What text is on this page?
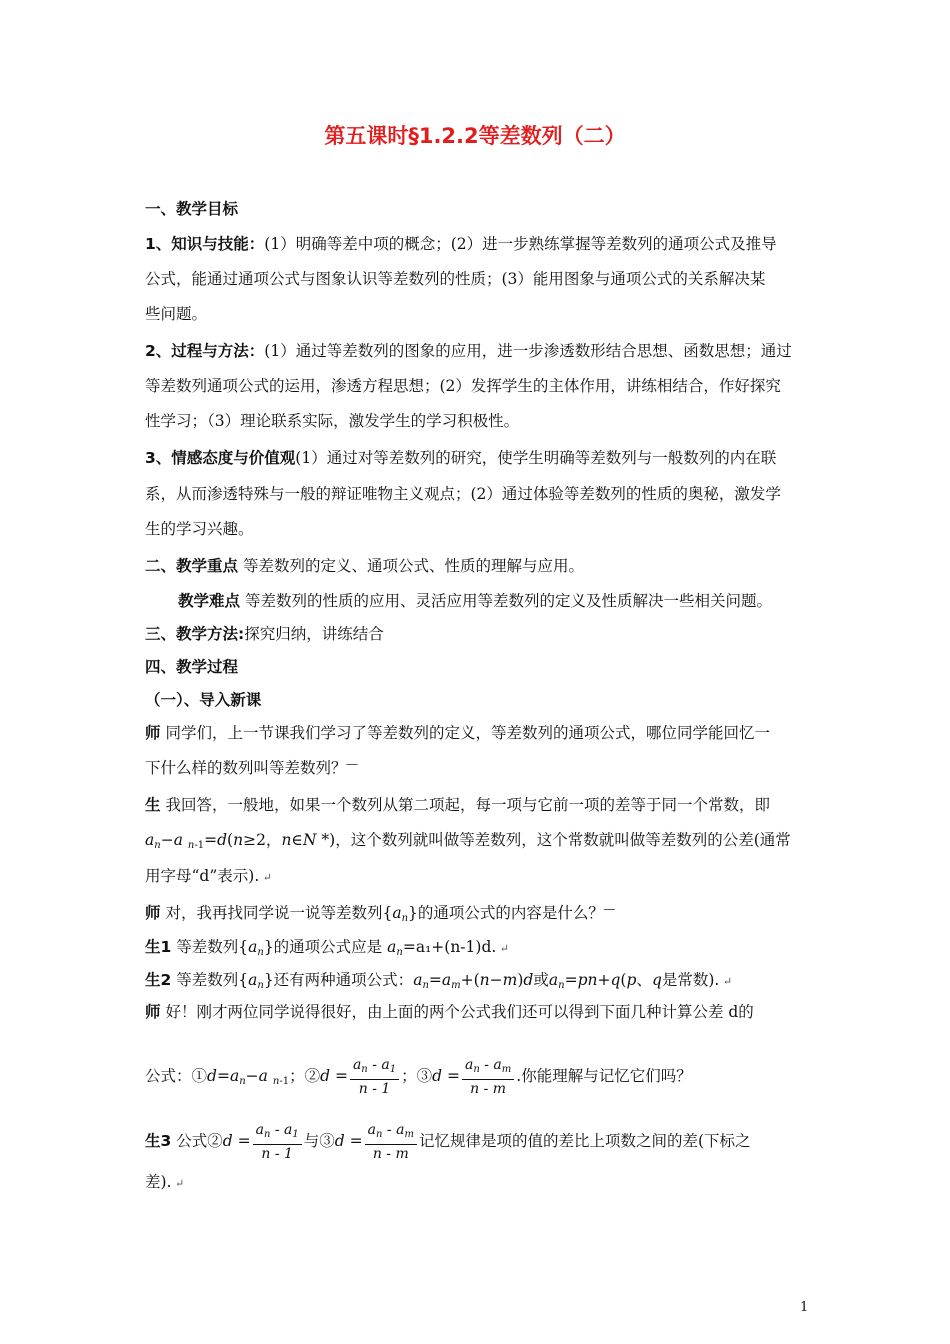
第五课时§1.2.2等差数列（二）
一、教学目标
1、知识与技能：(1）明确等差中项的概念；(2）进一步熟练掌握等差数列的通项公式及推导
公式，能通过通项公式与图象认识等差数列的性质；(3）能用图象与通项公式的关系解决某
些问题。
2、过程与方法：(1）通过等差数列的图象的应用，进一步渗透数形结合思想、函数思想；通过
等差数列通项公式的运用，渗透方程思想；(2）发挥学生的主体作用，讲练相结合，作好探究
性学习；（3）理论联系实际，激发学生的学习积极性。
3、情感态度与价值观(1）通过对等差数列的研究，使学生明确等差数列与一般数列的内在联
系，从而渗透特殊与一般的辩证唯物主义观点；(2）通过体验等差数列的性质的奥秘，激发学
生的学习兴趣。
二、教学重点 等差数列的定义、通项公式、性质的理解与应用。
教学难点 等差数列的性质的应用、灵活应用等差数列的定义及性质解决一些相关问题。
三、教学方法:探究归纳，讲练结合
四、教学过程
（一）、导入新课
师 同学们，上一节课我们学习了等差数列的定义，等差数列的通项公式，哪位同学能回忆一
下什么样的数列叫等差数列？⎺
生 我回答，一般地，如果一个数列从第二项起，每一项与它前一项的差等于同一个常数，即
$a_n-a$ $_{n-1}$=d(n≥2，n∈N *)，这个数列就叫做等差数列，这个常数就叫做等差数列的公差(通常
用字母“d”表示). ↵
师 对，我再找同学说一说等差数列$\{a_n\}$的通项公式的内容是什么？⎺
生1 等差数列$\{a_n\}$的通项公式应是 $a_n=a_1+(n-1)d$. ↵
生2 等差数列$\{a_n\}$还有两种通项公式：$a_n=a_m+(n-m)d$或$a_n=pn+q(p$、q是常数). ↵
师 好！刚才两位同学说得很好，由上面的两个公式我们还可以得到下面几种计算公差 d的
公式：$①d=a_n-a$ $_{n-1}$；②d = $\frac{a_n - a_1}{n - 1}$ ；③d = $\frac{a_n - a_m}{n - m}$ .你能理解与记忆它们吗？
生3 公式②d = $\frac{a_n - a_1}{n - 1}$ 与③d = $\frac{a_n - a_m}{n - m}$ 记忆规律是项的值的差比上项数之间的差(下标之
差). ↵
1
